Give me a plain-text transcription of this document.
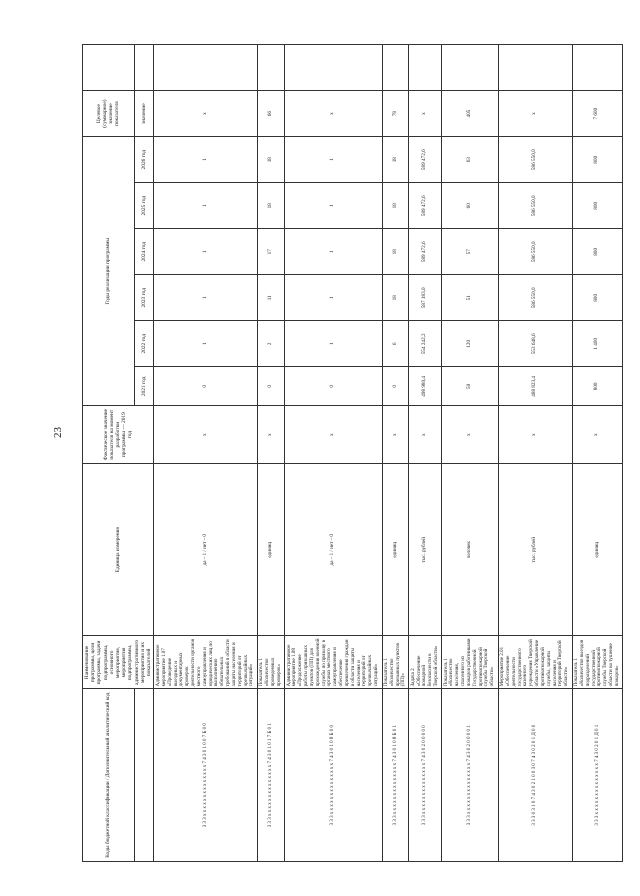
23
Коды бюджетной классификации / Дополнительный аналитический код	Наименование программы, цели программы, задачи подпрограммы, основного мероприятия, мероприятия подпрограммы, административного мероприятия и их показателей	Единица измерения	Фактическое значение показателя на момент разработки программы — 2019 год	Годы реализации программы						Целевое (суммарное) значение показателя	
				2021 год	2022 год	2023 год	2024 год	2025 год	2026 год	значение	
3 3 3 x x x x x x x x x x x x x x 7 4 3 0 1 0 0 7 Б 0 0	Административное мероприятие 1.07 «Проведение выездных и документарных проверок деятельности органов местного самоуправления и юридических лиц по выполнению обязательных требований в области защиты населения и территорий от чрезвычайных ситуаций»	да – 1 / нет – 0	x	0	1	1	1	1	1	x	
3 3 3 x x x x x x x x x x x x x x 7 4 3 0 1 0 1 7 Б 0 1	Показатель 1 «Количество проведенных проверок»	единиц	x	0	2	11	17	18	18	66	
3 3 3 x x x x x x x x x x x x x x 7 4 3 0 1 0 8 Б 0 0	Административное мероприятие 1.08 «Продолжение работы призывных пунктов (ПП) для прохождения военной службы по призыву в органах местного самоуправления и обеспечение привлечения граждан в области защиты населения и территорий от чрезвычайных ситуаций»	да – 1 / нет – 0	x	0	1	1	1	1	1	x	
3 3 3 x x x x x x x x x x x x x x 7 4 3 0 1 0 8 Б 0 1	Показатель 1 «Количество призывных пунктов (ПП)»	единиц	x	0	6	18	18	18	18	78	
3 3 3 x x x x x x x x x x x x x x 7 4 3 0 2 0 0 0 0 0	Задача 2 «Обеспечение пожарной безопасности в Тверской области»	тыс. рублей	x	498 980,4	554 242,2	587 183,0	589 472,6	589 472,6	589 472,6	x	
3 3 3 x x x x x x x x x x x x x x 7 4 3 0 2 0 0 0 0 1	Показатель 1 «Количество населения, спасенного из пожаров работниками Государственной противопожарной службы Тверской области»	человек	x	50	120	51	57	60	63	405	
3 3 3 0 3 1 0 7 4 3 0 2 1 0 0 3 0 7 4 3 0 2 0 1 Д 0 0	Мероприятие 2.01 «Обеспечение деятельности государственного казенного учреждения Тверской области «Управление противопожарной службы, защиты населения и территорий Тверской области»	тыс. рублей	x	488 823,4	553 648,6	586 550,0	586 550,0	586 550,0	586 550,0	x	
3 3 3 x x x x x x x x x x x x x x 7 4 3 0 2 0 1 Д 0 1	Показатель 1 «Количество выездов подразделений государственной противопожарной службы Тверской области на тушение пожаров»	единиц	x	800	1 400	800	800	800	800	7 600	
